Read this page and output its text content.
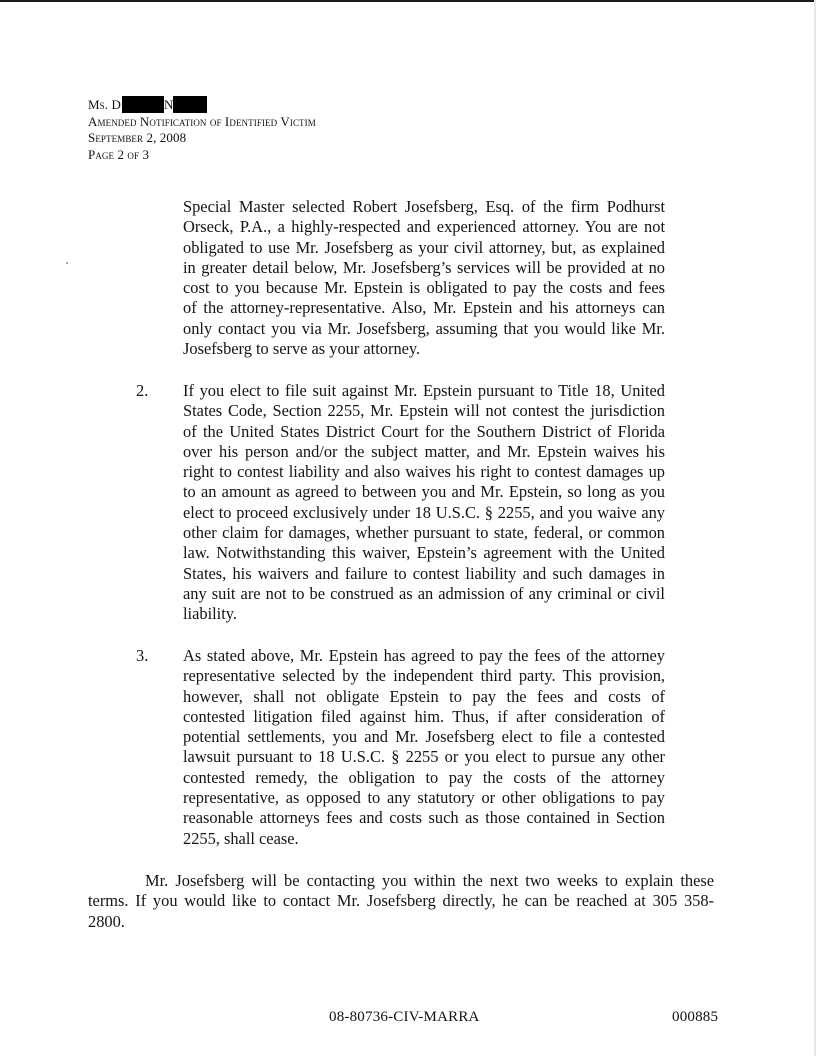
Ms. D	N
Amended Notification of Identified Victim
September 2, 2008
Page 2 of 3
Special Master selected Robert Josefsberg, Esq. of the firm Podhurst
Orseck, P.A., a highly-respected and experienced attorney. You are not
obligated to use Mr. Josefsberg as your civil attorney, but, as explained
in greater detail below, Mr. Josefsberg’s services will be provided at no
cost to you because Mr. Epstein is obligated to pay the costs and fees
of the attorney-representative. Also, Mr. Epstein and his attorneys can
only contact you via Mr. Josefsberg, assuming that you would like Mr.
Josefsberg to serve as your attorney.
2. If you elect to file suit against Mr. Epstein pursuant to Title 18, United
States Code, Section 2255, Mr. Epstein will not contest the jurisdiction
of the United States District Court for the Southern District of Florida
over his person and/or the subject matter, and Mr. Epstein waives his
right to contest liability and also waives his right to contest damages up
to an amount as agreed to between you and Mr. Epstein, so long as you
elect to proceed exclusively under 18 U.S.C. § 2255, and you waive any
other claim for damages, whether pursuant to state, federal, or common
law. Notwithstanding this waiver, Epstein’s agreement with the United
States, his waivers and failure to contest liability and such damages in
any suit are not to be construed as an admission of any criminal or civil
liability.
3. As stated above, Mr. Epstein has agreed to pay the fees of the attorney
representative selected by the independent third party. This provision,
however, shall not obligate Epstein to pay the fees and costs of
contested litigation filed against him. Thus, if after consideration of
potential settlements, you and Mr. Josefsberg elect to file a contested
lawsuit pursuant to 18 U.S.C. § 2255 or you elect to pursue any other
contested remedy, the obligation to pay the costs of the attorney
representative, as opposed to any statutory or other obligations to pay
reasonable attorneys fees and costs such as those contained in Section
2255, shall cease.
Mr. Josefsberg will be contacting you within the next two weeks to explain these
terms. If you would like to contact Mr. Josefsberg directly, he can be reached at 305 358-
2800.
08-80736-CIV-MARRA	000885
